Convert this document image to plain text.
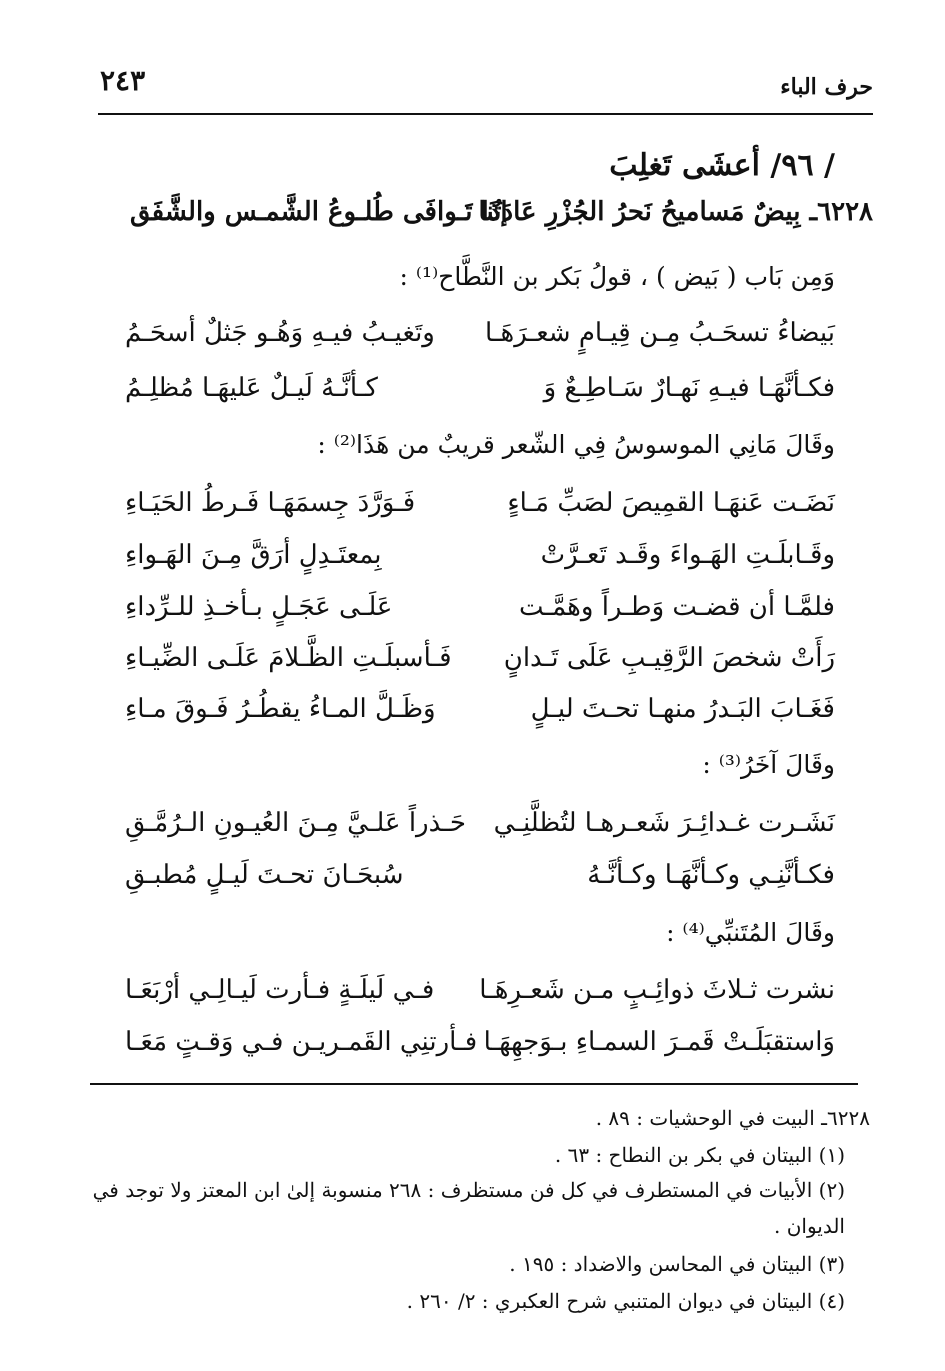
حرف الباء
٢٤٣
/ ٩٦/ أعشَى تَغلِبَ
٦٢٢٨ـ بِيضٌ مَساميحُ نَحرُ الجُزْرِ عَادَتُنا
إذَا تَـوافَى طُلـوعُ الشَّمـس والشَّفَق
وَمِن بَاب ( بَيض ) ، قولُ بَكر بن النَّطَّاح⁽¹⁾ :
بَيضاءُ تسحَـبُ مِـن قِيـامٍ شعـرَهَـا
وتَغيـبُ فيـهِ وَهُـو جَثلٌ أسحَـمُ
فكـأنَّهَـا فيـهِ نَهـارٌ سَـاطِـعٌ وَ
كـأنَّـهُ لَيـلٌ عَليهَـا مُظلِـمُ
وقَالَ مَانِي الموسوسُ فِي الشّعر قريبٌ من هَذَا⁽²⁾ :
نَضَـت عَنهَـا القمِيصَ لصَبِّ مَـاءٍ
فَـوَرَّدَ جِسمَهَـا فَـرطُ الحَيَـاءِ
وقَـابلَـتِ الهَـواءَ وقَـد تَعـرَّتْ
بِمعتَـدِلٍ أرَقَّ مِـنَ الهَـواءِ
فلمَّـا أن قضـت وَطـراً وهَمَّـت
عَلَـى عَجَـلٍ بـأخـذِ للـرِّداءِ
رَأَتْ شخصَ الرَّقِيـبِ عَلَى تَـدانٍ
فَـأسبلَـتِ الظَّـلامَ عَلَـى الضِّيـاءِ
فَغَـابَ البَـدرُ منهـا تحـتَ ليـلٍ
وَظَـلَّ المـاءُ يقطُـرُ فَـوقَ مـاءِ
وقَالَ آخَرُ⁽³⁾ :
نَشَـرت غـدائِـرَ شَعـرهـا لتُظلَّنِـي
حَـذراً عَلـيَّ مِـنَ العُيـونِ الـرُمَّـقِ
فكـأنَّنِـي وكـأنَّهَـا وكـأنَّـهُ
سُبحَـانَ تحـتَ لَيـلٍ مُطبـقِ
وقَالَ المُتَنبِّي⁽⁴⁾ :
نشرت ثـلاثَ ذوائِـبٍ مـن شَعـرِهَـا
فـي لَيلَـةٍ فـأرت لَيـالِـي أرْبَعَـا
وَاستقبَلَـتْ قَمـرَ السمـاءِ بـوَجهِهَـا
فـأرتنِي القَمـريـن فـي وَقـتٍ مَعَـا
٦٢٢٨ـ البيت في الوحشيات : ٨٩ .
(١) البيتان في بكر بن النطاح : ٦٣ .
(٢) الأبيات في المستطرف في كل فن مستظرف : ٢٦٨ منسوبة إلىٰ ابن المعتز ولا توجد في الديوان .
(٣) البيتان في المحاسن والاضداد : ١٩٥ .
(٤) البيتان في ديوان المتنبي شرح العكبري : ٢/ ٢٦٠ .
